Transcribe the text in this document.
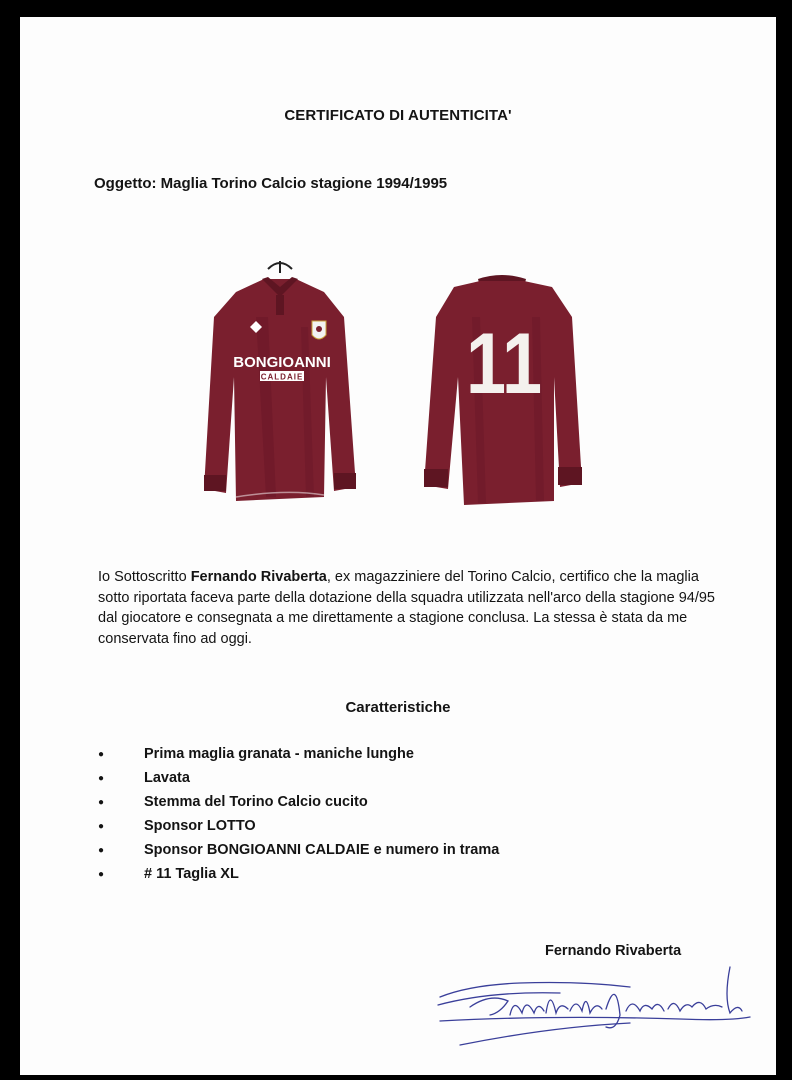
CERTIFICATO DI AUTENTICITA'
Oggetto: Maglia Torino Calcio stagione 1994/1995
BONGIOANNI
CALDAIE 11
Io Sottoscritto Fernando Rivaberta, ex magazziniere del Torino Calcio, certifico che la maglia sotto riportata faceva parte della dotazione della squadra utilizzata nell'arco della stagione 94/95 dal giocatore e consegnata a me direttamente a stagione conclusa. La stessa è stata da me conservata fino ad oggi.
Caratteristiche
●	Prima maglia granata - maniche lunghe
●	Lavata
●	Stemma del Torino Calcio cucito
●	Sponsor LOTTO
●	Sponsor BONGIOANNI CALDAIE e numero in trama
●	# 11 Taglia XL
Fernando Rivaberta
